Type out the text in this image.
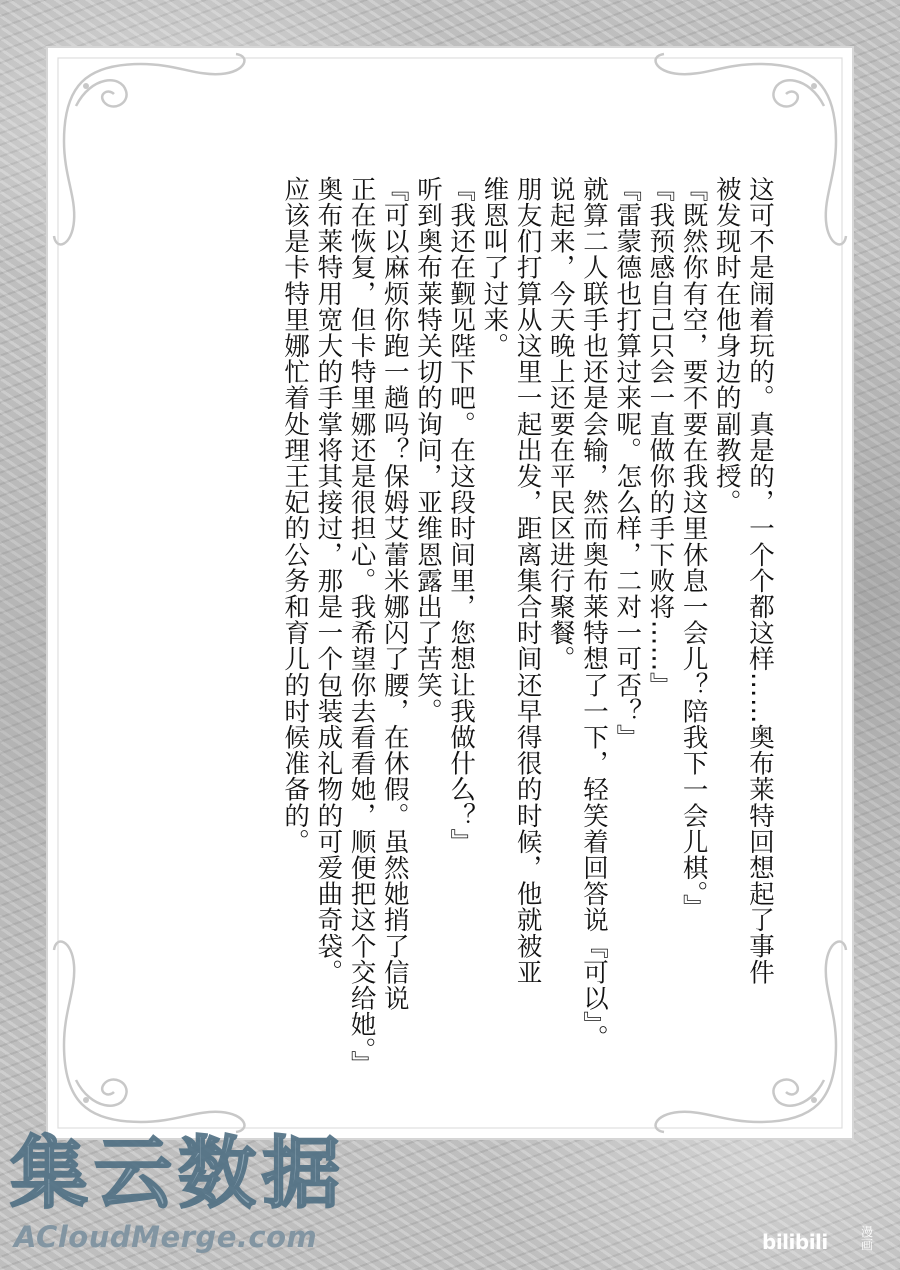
这可不是闹着玩的。真是的，一个个都这样……奥布莱特回想起了事件

被发现时在他身边的副教授。

『既然你有空，要不要在我这里休息一会儿？陪我下一会儿棋。』

『我预感自己只会一直做你的手下败将……』

『雷蒙德也打算过来呢。怎么样，二对一可否？』

就算二人联手也还是会输，然而奥布莱特想了一下，轻笑着回答说『可以』。

说起来，今天晚上还要在平民区进行聚餐。

朋友们打算从这里一起出发，距离集合时间还早得很的时候，他就被亚

维恩叫了过来。

『我还在觐见陛下吧。在这段时间里，您想让我做什么？』

听到奥布莱特关切的询问，亚维恩露出了苦笑。

『可以麻烦你跑一趟吗？保姆艾蕾米娜闪了腰，在休假。虽然她捎了信说

正在恢复，但卡特里娜还是很担心。我希望你去看看她，顺便把这个交给她。』

奥布莱特用宽大的手掌将其接过，那是一个包装成礼物的可爱曲奇袋。

应该是卡特里娜忙着处理王妃的公务和育儿的时候准备的。

集云数据
ACloudMerge.com	bilibili	漫画
